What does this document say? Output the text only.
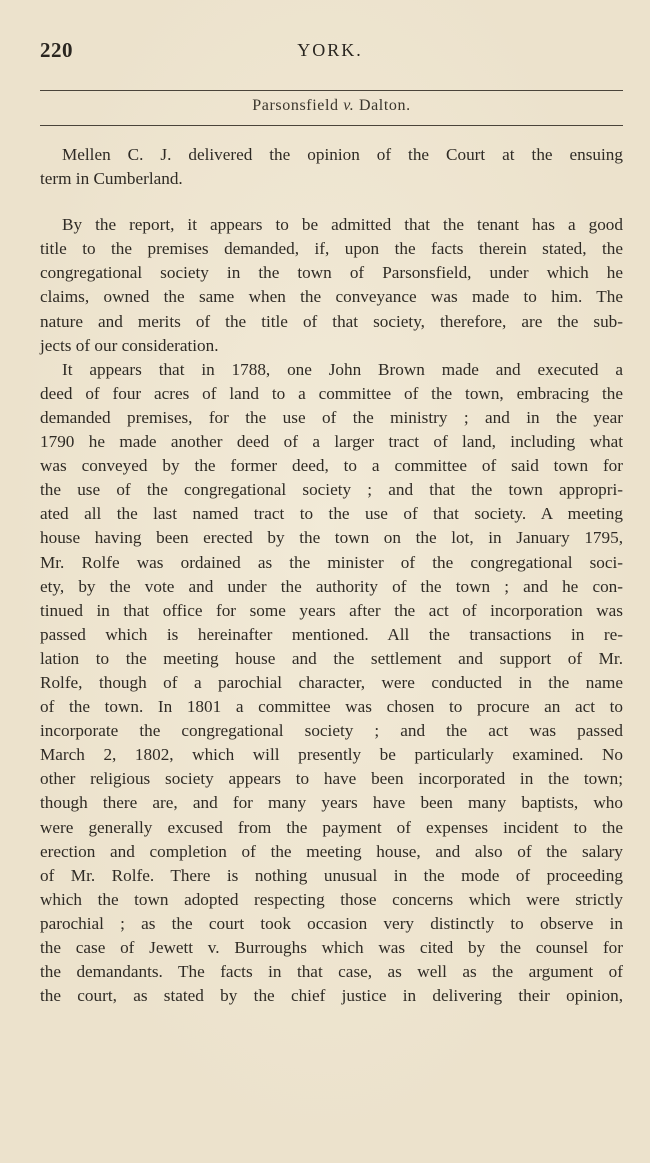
220	YORK.
Parsonsfield v. Dalton.
Mellen C. J. delivered the opinion of the Court at the ensuing
term in Cumberland.
By the report, it appears to be admitted that the tenant has a good
title to the premises demanded, if, upon the facts therein stated, the
congregational society in the town of Parsonsfield, under which he
claims, owned the same when the conveyance was made to him. The
nature and merits of the title of that society, therefore, are the sub-
jects of our consideration.
It appears that in 1788, one John Brown made and executed a
deed of four acres of land to a committee of the town, embracing the
demanded premises, for the use of the ministry ; and in the year
1790 he made another deed of a larger tract of land, including what
was conveyed by the former deed, to a committee of said town for
the use of the congregational society ; and that the town appropri-
ated all the last named tract to the use of that society. A meeting
house having been erected by the town on the lot, in January 1795,
Mr. Rolfe was ordained as the minister of the congregational soci-
ety, by the vote and under the authority of the town ; and he con-
tinued in that office for some years after the act of incorporation was
passed which is hereinafter mentioned. All the transactions in re-
lation to the meeting house and the settlement and support of Mr.
Rolfe, though of a parochial character, were conducted in the name
of the town. In 1801 a committee was chosen to procure an act to
incorporate the congregational society ; and the act was passed
March 2, 1802, which will presently be particularly examined. No
other religious society appears to have been incorporated in the town;
though there are, and for many years have been many baptists, who
were generally excused from the payment of expenses incident to the
erection and completion of the meeting house, and also of the salary
of Mr. Rolfe. There is nothing unusual in the mode of proceeding
which the town adopted respecting those concerns which were strictly
parochial ; as the court took occasion very distinctly to observe in
the case of Jewett v. Burroughs which was cited by the counsel for
the demandants. The facts in that case, as well as the argument of
the court, as stated by the chief justice in delivering their opinion,
